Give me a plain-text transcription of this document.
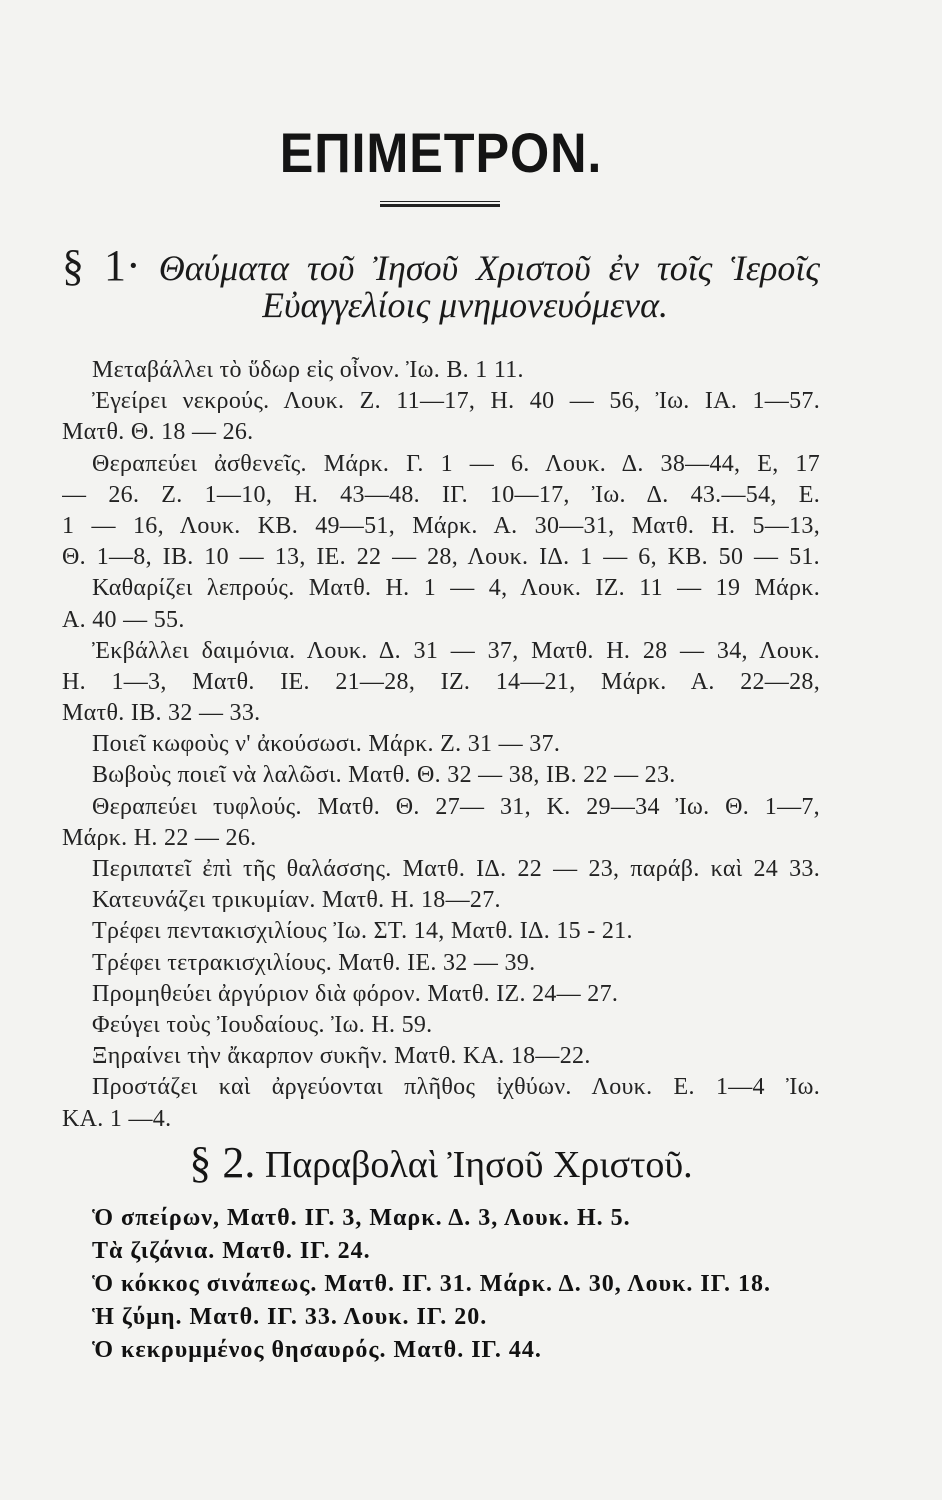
ΕΠΙΜΕΤΡΟΝ.
§ 1· Θαύματα τοῦ Ἰησοῦ Χριστοῦ ἐν τοῖς Ἱεροῖς
Εὐαγγελίοις μνημονευόμενα.
Μεταβάλλει τὸ ὕδωρ εἰς οἶνον. Ἰω. Β. 1 11.
Ἐγείρει νεκρούς. Λουκ. Ζ. 11—17, Η. 40 — 56, Ἰω. ΙΑ. 1—57.
Ματθ. Θ. 18 — 26.
Θεραπεύει ἀσθενεῖς. Μάρκ. Γ. 1 — 6. Λουκ. Δ. 38—44, Ε, 17
— 26. Ζ. 1—10, Η. 43—48. ΙΓ. 10—17, Ἰω. Δ. 43.—54, Ε.
1 — 16, Λουκ. ΚΒ. 49—51, Μάρκ. Α. 30—31, Ματθ. Η. 5—13,
Θ. 1—8, ΙΒ. 10 — 13, ΙΕ. 22 — 28, Λουκ. ΙΔ. 1 — 6, ΚΒ. 50 — 51.
Καθαρίζει λεπρούς. Ματθ. Η. 1 — 4, Λουκ. ΙΖ. 11 — 19 Μάρκ.
Α. 40 — 55.
Ἐκβάλλει δαιμόνια. Λουκ. Δ. 31 — 37, Ματθ. Η. 28 — 34, Λουκ.
Η. 1—3, Ματθ. ΙΕ. 21—28, ΙΖ. 14—21, Μάρκ. Α. 22—28,
Ματθ. ΙΒ. 32 — 33.
Ποιεῖ κωφοὺς ν' ἀκούσωσι. Μάρκ. Ζ. 31 — 37.
Βωβοὺς ποιεῖ νὰ λαλῶσι. Ματθ. Θ. 32 — 38, ΙΒ. 22 — 23.
Θεραπεύει τυφλούς. Ματθ. Θ. 27— 31, Κ. 29—34 Ἰω. Θ. 1—7,
Μάρκ. Η. 22 — 26.
Περιπατεῖ ἐπὶ τῆς θαλάσσης. Ματθ. ΙΔ. 22 — 23, παράβ. καὶ 24 33.
Κατευνάζει τρικυμίαν. Ματθ. Η. 18—27.
Τρέφει πεντακισχιλίους Ἰω. ΣΤ. 14, Ματθ. ΙΔ. 15 - 21.
Τρέφει τετρακισχιλίους. Ματθ. ΙΕ. 32 — 39.
Προμηθεύει ἀργύριον διὰ φόρον. Ματθ. ΙΖ. 24— 27.
Φεύγει τοὺς Ἰουδαίους. Ἰω. Η. 59.
Ξηραίνει τὴν ἄκαρπον συκῆν. Ματθ. ΚΑ. 18—22.
Προστάζει καὶ ἀργεύονται πλῆθος ἰχθύων. Λουκ. Ε. 1—4 Ἰω.
ΚΑ. 1 —4.
§ 2. Παραβολαὶ Ἰησοῦ Χριστοῦ.
Ὁ σπείρων, Ματθ. ΙΓ. 3, Μαρκ. Δ. 3, Λουκ. Η. 5.
Τὰ ζιζάνια. Ματθ. ΙΓ. 24.
Ὁ κόκκος σινάπεως. Ματθ. ΙΓ. 31. Μάρκ. Δ. 30, Λουκ. ΙΓ. 18.
Ἡ ζύμη. Ματθ. ΙΓ. 33. Λουκ. ΙΓ. 20.
Ὁ κεκρυμμένος θησαυρός. Ματθ. ΙΓ. 44.
